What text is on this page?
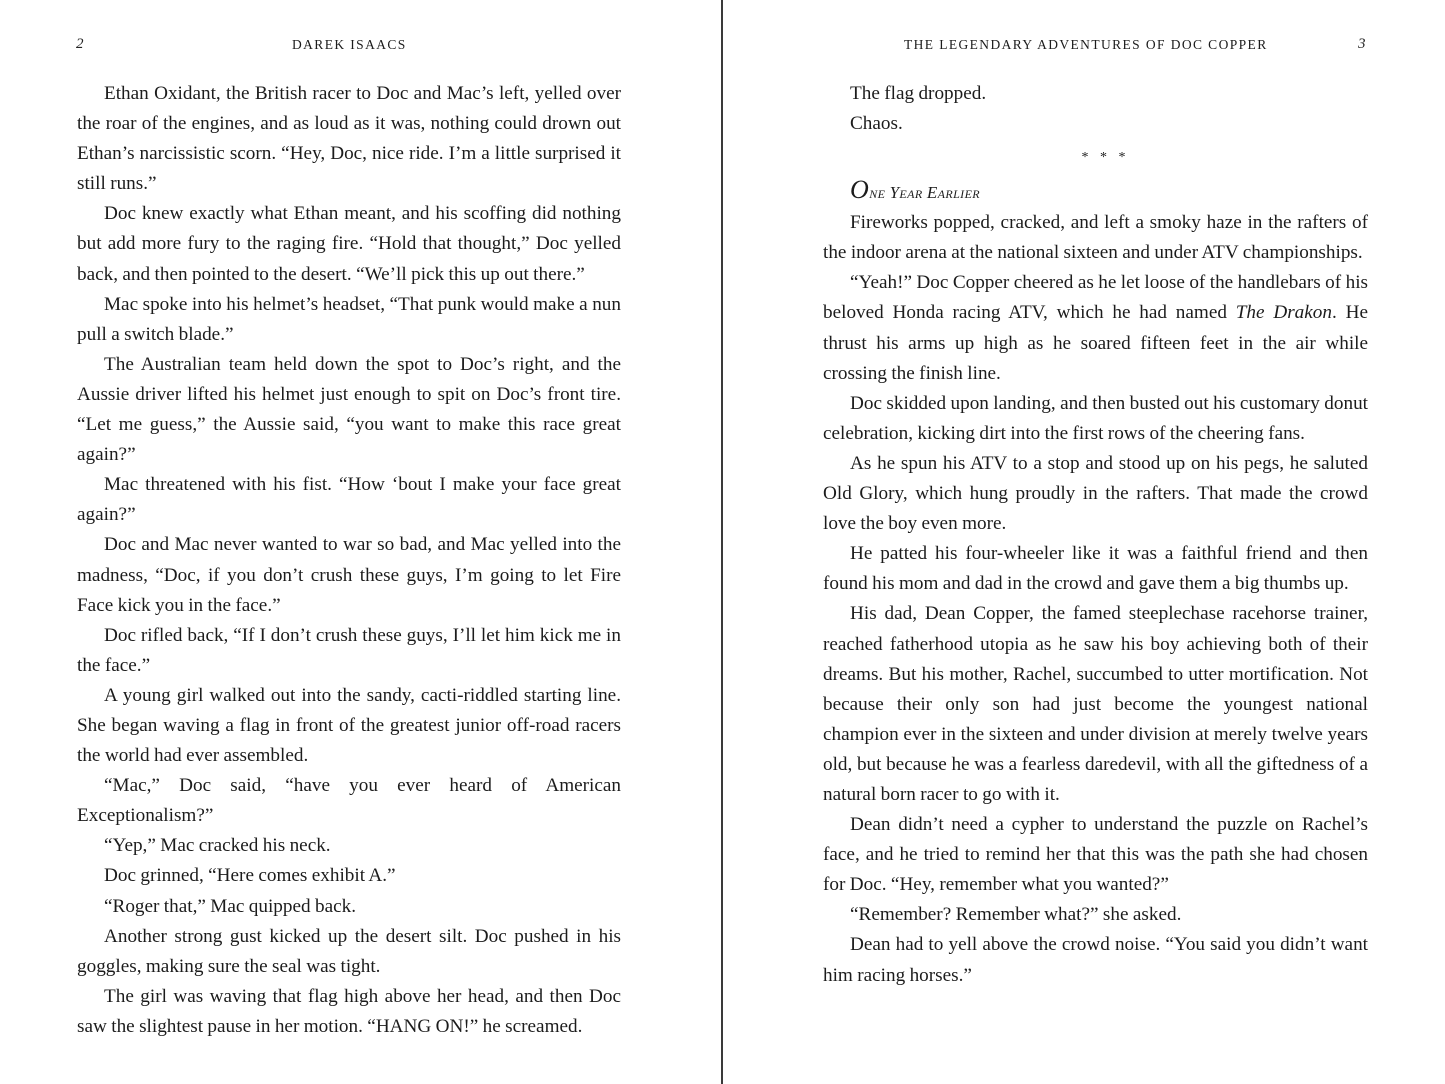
2	DAREK ISAACS

Ethan Oxidant, the British racer to Doc and Mac’s left, yelled over the roar of the engines, and as loud as it was, nothing could drown out Ethan’s narcissistic scorn. “Hey, Doc, nice ride. I’m a little surprised it still runs.”

Doc knew exactly what Ethan meant, and his scoffing did nothing but add more fury to the raging fire. “Hold that thought,” Doc yelled back, and then pointed to the desert. “We’ll pick this up out there.”

Mac spoke into his helmet’s headset, “That punk would make a nun pull a switch blade.”

The Australian team held down the spot to Doc’s right, and the Aussie driver lifted his helmet just enough to spit on Doc’s front tire. “Let me guess,” the Aussie said, “you want to make this race great again?”

Mac threatened with his fist. “How ‘bout I make your face great again?”

Doc and Mac never wanted to war so bad, and Mac yelled into the madness, “Doc, if you don’t crush these guys, I’m going to let Fire Face kick you in the face.”

Doc rifled back, “If I don’t crush these guys, I’ll let him kick me in the face.”

A young girl walked out into the sandy, cacti-riddled starting line. She began waving a flag in front of the greatest junior off-road racers the world had ever assembled.

“Mac,” Doc said, “have you ever heard of American Exceptionalism?”

“Yep,” Mac cracked his neck.

Doc grinned, “Here comes exhibit A.”

“Roger that,” Mac quipped back.

Another strong gust kicked up the desert silt. Doc pushed in his goggles, making sure the seal was tight.

The girl was waving that flag high above her head, and then Doc saw the slightest pause in her motion. “HANG ON!” he screamed.

THE LEGENDARY ADVENTURES OF DOC COPPER	3

The flag dropped.

Chaos.

* * *

One Year Earlier

Fireworks popped, cracked, and left a smoky haze in the rafters of the indoor arena at the national sixteen and under ATV championships.

“Yeah!” Doc Copper cheered as he let loose of the handlebars of his beloved Honda racing ATV, which he had named The Drakon. He thrust his arms up high as he soared fifteen feet in the air while crossing the finish line.

Doc skidded upon landing, and then busted out his customary donut celebration, kicking dirt into the first rows of the cheering fans.

As he spun his ATV to a stop and stood up on his pegs, he saluted Old Glory, which hung proudly in the rafters. That made the crowd love the boy even more.

He patted his four-wheeler like it was a faithful friend and then found his mom and dad in the crowd and gave them a big thumbs up.

His dad, Dean Copper, the famed steeplechase racehorse trainer, reached fatherhood utopia as he saw his boy achieving both of their dreams. But his mother, Rachel, succumbed to utter mortification. Not because their only son had just become the youngest national champion ever in the sixteen and under division at merely twelve years old, but because he was a fearless daredevil, with all the giftedness of a natural born racer to go with it.

Dean didn’t need a cypher to understand the puzzle on Rachel’s face, and he tried to remind her that this was the path she had chosen for Doc. “Hey, remember what you wanted?”

“Remember? Remember what?” she asked.

Dean had to yell above the crowd noise. “You said you didn’t want him racing horses.”
